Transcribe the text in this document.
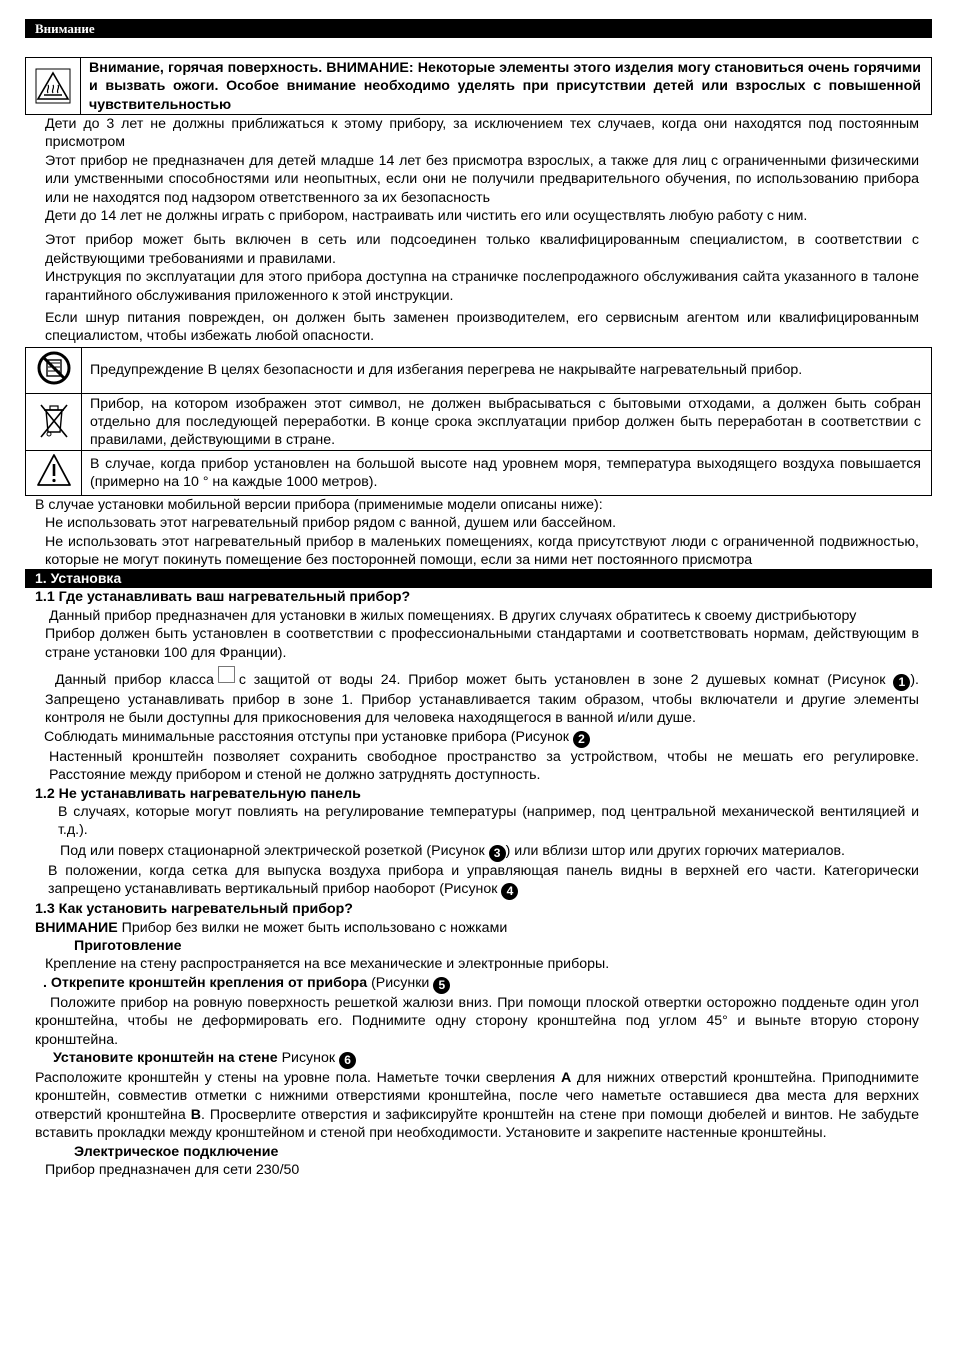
Внимание
Внимание, горячая поверхность. ВНИМАНИЕ: Некоторые элементы этого изделия могу становиться очень горячими и вызвать ожоги. Особое внимание необходимо уделять при присутствии детей или взрослых с повышенной чувствительностью

Дети до 3 лет не должны приближаться к этому прибору, за исключением тех случаев, когда они находятся под постоянным присмотром

Этот прибор не предназначен для детей младше 14 лет без присмотра взрослых, а также для лиц с ограниченными физическими или умственными способностями или неопытных, если они не получили предварительного обучения, по использованию прибора или не находятся под надзором ответственного за их безопасность

Дети до 14 лет не должны играть с прибором, настраивать или чистить его или осуществлять любую работу с ним.

Этот прибор может быть включен в сеть или подсоединен только квалифицированным специалистом, в соответствии с действующими требованиями и правилами.

Инструкция по эксплуатации для этого прибора доступна на страничке послепродажного обслуживания сайта указанного в талоне гарантийного обслуживания приложенного к этой инструкции.

Если шнур питания поврежден, он должен быть заменен производителем, его сервисным агентом или квалифицированным специалистом, чтобы избежать любой опасности.

	Предупреждение В целях безопасности и для избегания перегрева не накрывайте нагревательный прибор.
	Прибор, на котором изображен этот символ, не должен выбрасываться с бытовыми отходами, а должен быть собран отдельно для последующей переработки. В конце срока эксплуатации прибор должен быть переработан в соответствии с правилами, действующими в стране.
	В случае, когда прибор установлен на большой высоте над уровнем моря, температура выходящего воздуха повышается (примерно на 10 ° на каждые 1000 метров).

В случае установки мобильной версии прибора (применимые модели описаны ниже):

Не использовать этот нагревательный прибор рядом с ванной, душем или бассейном.

Не использовать этот нагревательный прибор в маленьких помещениях, когда присутствуют люди с ограниченной подвижностью, которые не могут покинуть помещение без посторонней помощи, если за ними нет постоянного присмотра

1. Установка

1.1 Где устанавливать ваш нагревательный прибор?

Данный прибор предназначен для установки в жилых помещениях. В других случаях обратитесь к своему дистрибьютору

Прибор должен быть установлен в соответствии с профессиональными стандартами и соответствовать нормам, действующим в стране установки 100 для Франции).

Данный прибор класса с защитой от воды 24. Прибор может быть установлен в зоне 2 душевых комнат (Рисунок 1 ). Запрещено устанавливать прибор в зоне 1. Прибор устанавливается таким образом, чтобы включатели и другие элементы контроля не были доступны для прикосновения для человека находящегося в ванной и/или душе.

Соблюдать минимальные расстояния отступы при установке прибора (Рисунок 2

Настенный кронштейн позволяет сохранить свободное пространство за устройством, чтобы не мешать его регулировке. Расстояние между прибором и стеной не должно затруднять доступность.

1.2 Не устанавливать нагревательную панель

В случаях, которые могут повлиять на регулирование температуры (например, под центральной механической вентиляцией и т.д.).

Под или поверх стационарной электрической розеткой (Рисунок 3 ) или вблизи штор или других горючих материалов.

В положении, когда сетка для выпуска воздуха прибора и управляющая панель видны в верхней его части. Категорически запрещено устанавливать вертикальный прибор наоборот (Рисунок 4

1.3 Как установить нагревательный прибор?

ВНИМАНИЕ Прибор без вилки не может быть использовано с ножками

Приготовление

Крепление на стену распространяется на все механические и электронные приборы.

. Открепите кронштейн крепления от прибора (Рисунки 5

Положите прибор на ровную поверхность решеткой жалюзи вниз. При помощи плоской отвертки осторожно подденьте один угол кронштейна, чтобы не деформировать его. Поднимите одну сторону кронштейна под углом 45° и выньте вторую сторону кронштейна.

Установите кронштейн на стене Рисунок 6

Расположите кронштейн у стены на уровне пола. Наметьте точки сверления A для нижних отверстий кронштейна. Приподнимите кронштейн, совместив отметки с нижними отверстиями кронштейна, после чего наметьте оставшиеся два места для верхних отверстий кронштейна B. Просверлите отверстия и зафиксируйте кронштейн на стене при помощи дюбелей и винтов. Не забудьте вставить прокладки между кронштейном и стеной при необходимости. Установите и закрепите настенные кронштейны.

Электрическое подключение

Прибор предназначен для сети 230/50
